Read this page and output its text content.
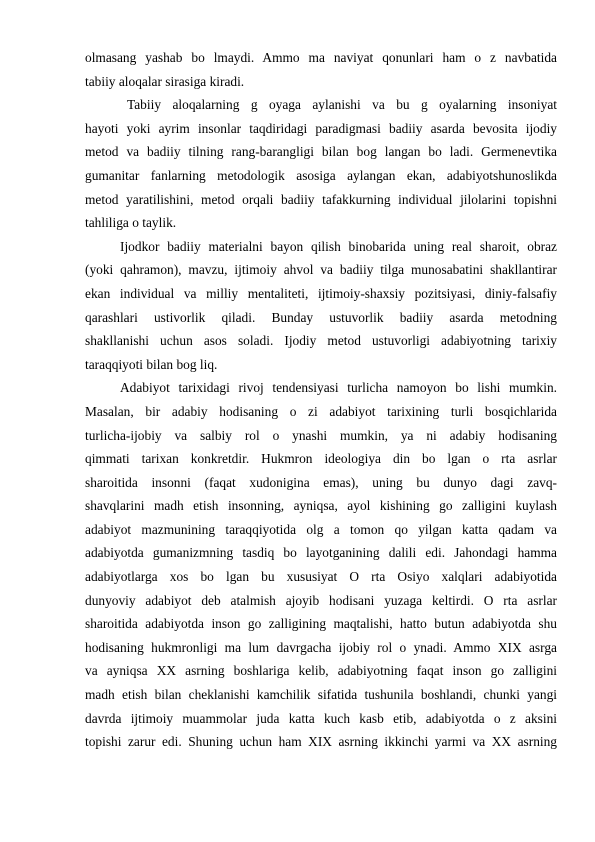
olmasang yashab bo lmaydi. Ammo ma naviyat qonunlari ham o z navbatida
tabiiy aloqalar sirasiga kiradi.
Tabiiy aloqalarning g oyaga aylanishi va bu g oyalarning insoniyat
hayoti yoki ayrim insonlar taqdiridagi paradigmasi badiiy asarda bevosita ijodiy
metod va badiiy tilning rang-barangligi bilan bog langan bo ladi. Germenevtika
gumanitar fanlarning metodologik asosiga aylangan ekan, adabiyotshunoslikda
metod yaratilishini, metod orqali badiiy tafakkurning individual jilolarini topishni
tahliliga o taylik.
Ijodkor badiiy materialni bayon qilish binobarida uning real sharoit, obraz
(yoki qahramon), mavzu, ijtimoiy ahvol va badiiy tilga munosabatini shakllantirar
ekan individual va milliy mentaliteti, ijtimoiy-shaxsiy pozitsiyasi, diniy-falsafiy
qarashlari ustivorlik qiladi. Bunday ustuvorlik badiiy asarda metodning
shakllanishi uchun asos soladi. Ijodiy metod ustuvorligi adabiyotning tarixiy
taraqqiyoti bilan bog liq.
Adabiyot tarixidagi rivoj tendensiyasi turlicha namoyon bo lishi mumkin.
Masalan, bir adabiy hodisaning o zi adabiyot tarixining turli bosqichlarida
turlicha-ijobiy va salbiy rol o ynashi mumkin, ya ni adabiy hodisaning
qimmati tarixan konkretdir. Hukmron ideologiya din bo lgan o rta asrlar
sharoitida insonni (faqat xudonigina emas), uning bu dunyo dagi zavq-
shavqlarini madh etish insonning, ayniqsa, ayol kishining go zalligini kuylash
adabiyot mazmunining taraqqiyotida olg a tomon qo yilgan katta qadam va
adabiyotda gumanizmning tasdiq bo layotganining dalili edi. Jahondagi hamma
adabiyotlarga xos bo lgan bu xususiyat O rta Osiyo xalqlari adabiyotida
dunyoviy adabiyot deb atalmish ajoyib hodisani yuzaga keltirdi. O rta asrlar
sharoitida adabiyotda inson go zalligining maqtalishi, hatto butun adabiyotda shu
hodisaning hukmronligi ma lum davrgacha ijobiy rol o ynadi. Ammo XIX asrga
va ayniqsa XX asrning boshlariga kelib, adabiyotning faqat inson go zalligini
madh etish bilan cheklanishi kamchilik sifatida tushunila boshlandi, chunki yangi
davrda ijtimoiy muammolar juda katta kuch kasb etib, adabiyotda o z aksini
topishi zarur edi. Shuning uchun ham XIX asrning ikkinchi yarmi va XX asrning
